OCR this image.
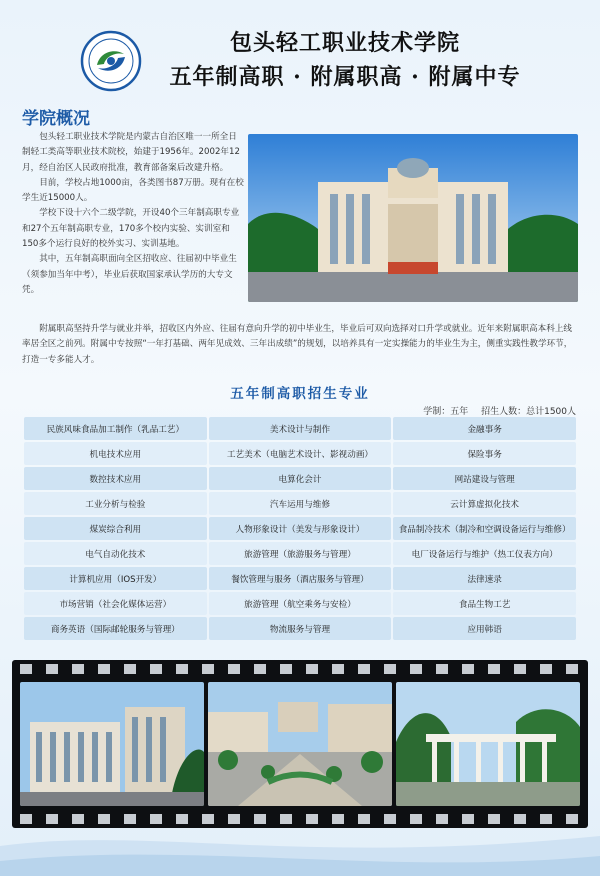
包头轻工职业技术学院
五年制高职 · 附属职高 · 附属中专
学院概况

包头轻工职业技术学院是内蒙古自治区唯一一所全日制轻工类高等职业技术院校，始建于1956年。2002年12月，经自治区人民政府批准，教育部备案后改建升格。

目前，学校占地1000亩，各类图书87万册。现有在校学生近15000人。

学校下设十六个二级学院，开设40个三年制高职专业和27个五年制高职专业，170多个校内实验、实训室和150多个运行良好的校外实习、实训基地。

其中，五年制高职面向全区招收应、往届初中毕业生（须参加当年中考），毕业后获取国家承认学历的大专文凭。

附属职高坚持升学与就业并举，招收区内外应、往届有意向升学的初中毕业生，毕业后可双向选择对口升学或就业。近年来附属职高本科上线率居全区之前列。附属中专按照“一年打基础、两年见成效、三年出成绩”的规划，以培养具有一定实操能力的毕业生为主，侧重实践性教学环节，打造一专多能人才。

五年制高职招生专业
学制：五年 招生人数：总计1500人
民族风味食品加工制作（乳品工艺）	美术设计与制作	金融事务
机电技术应用	工艺美术（电脑艺术设计、影视动画）	保险事务
数控技术应用	电算化会计	网站建设与管理
工业分析与检验	汽车运用与维修	云计算虚拟化技术
煤炭综合利用	人物形象设计（美发与形象设计）	食品制冷技术（制冷和空调设备运行与维修）
电气自动化技术	旅游管理（旅游服务与管理）	电厂设备运行与维护（热工仪表方向）
计算机应用（IOS开发）	餐饮管理与服务（酒店服务与管理）	法律速录
市场营销（社会化媒体运营）	旅游管理（航空乘务与安检）	食品生物工艺
商务英语（国际邮轮服务与管理）	物流服务与管理	应用韩语
